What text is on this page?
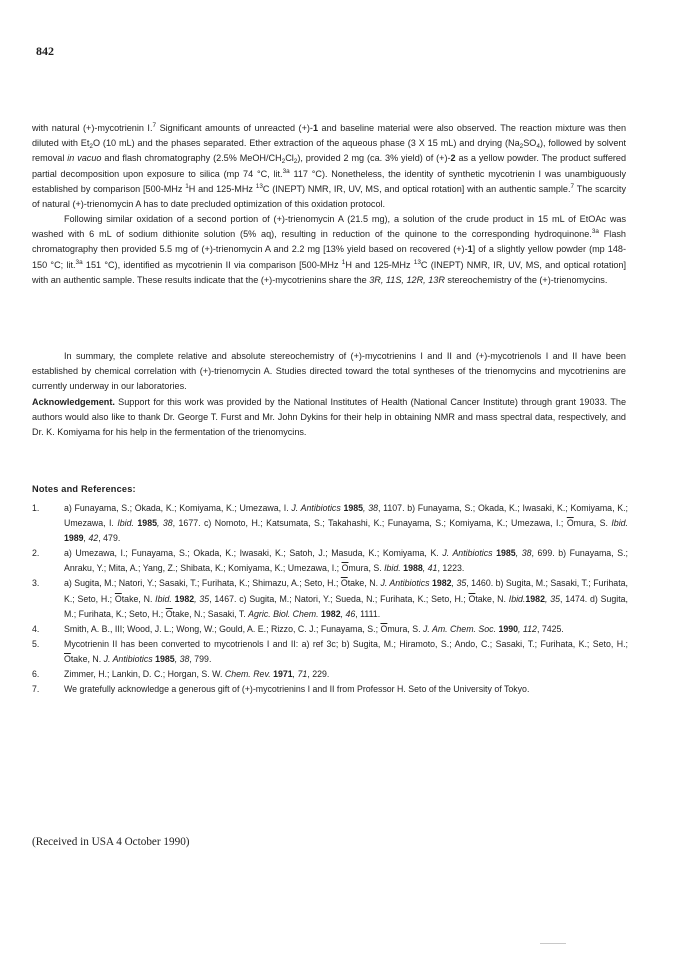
842
with natural (+)-mycotrienin I.$^7$ Significant amounts of unreacted (+)-1 and baseline material were also observed. The reaction mixture was then diluted with $Et_2O$ (10 mL) and the phases separated. Ether extraction of the aqueous phase (3 X 15 mL) and drying $(Na_2SO_4)$, followed by solvent removal in vacuo and flash chromatography (2.5% MeOH/$CH_2Cl_2$), provided 2 mg (ca. 3% yield) of (+)-2 as a yellow powder. The product suffered partial decomposition upon exposure to silica (mp 74 °C, lit.$^{3a}$ 117 °C). Nonetheless, the identity of synthetic mycotrienin I was unambiguously established by comparison [500-MHz $^1$H and 125-MHz $^{13}$C (INEPT) NMR, IR, UV, MS, and optical rotation] with an authentic sample.$^7$ The scarcity of natural (+)-trienomycin A has to date precluded optimization of this oxidation protocol.
Following similar oxidation of a second portion of (+)-trienomycin A (21.5 mg), a solution of the crude product in 15 mL of EtOAc was washed with 6 mL of sodium dithionite solution (5% aq), resulting in reduction of the quinone to the corresponding hydroquinone.$^{3a}$ Flash chromatography then provided 5.5 mg of (+)-trienomycin A and 2.2 mg [13% yield based on recovered (+)-1] of a slightly yellow powder (mp 148-150 °C; lit.$^{3a}$ 151 °C), identified as mycotrienin II via comparison [500-MHz $^1$H and 125-MHz $^{13}$C (INEPT) NMR, IR, UV, MS, and optical rotation] with an authentic sample. These results indicate that the (+)-mycotrienins share the 3R, 11S, 12R, 13R stereochemistry of the (+)-trienomycins.
In summary, the complete relative and absolute stereochemistry of (+)-mycotrienins I and II and (+)-mycotrienols I and II have been established by chemical correlation with (+)-trienomycin A. Studies directed toward the total syntheses of the trienomycins and mycotrienins are currently underway in our laboratories.
Acknowledgement. Support for this work was provided by the National Institutes of Health (National Cancer Institute) through grant 19033. The authors would also like to thank Dr. George T. Furst and Mr. John Dykins for their help in obtaining NMR and mass spectral data, respectively, and Dr. K. Komiyama for his help in the fermentation of the trienomycins.
Notes and References:
1.	a) Funayama, S.; Okada, K.; Komiyama, K.; Umezawa, I. J. Antibiotics 1985, 38, 1107. b) Funayama, S.; Okada, K.; Iwasaki, K.; Komiyama, K.; Umezawa, I. Ibid. 1985, 38, 1677. c) Nomoto, H.; Katsumata, S.; Takahashi, K.; Funayama, S.; Komiyama, K.; Umezawa, I.; $\overline{O}mura$, S. Ibid. 1989, 42, 479.
2.	a) Umezawa, I.; Funayama, S.; Okada, K.; Iwasaki, K.; Satoh, J.; Masuda, K.; Komiyama, K. J. Antibiotics 1985, 38, 699. b) Funayama, S.; Anraku, Y.; Mita, A.; Yang, Z.; Shibata, K.; Komiyama, K.; Umezawa, I.; $\overline{O}mura$, S. Ibid. 1988, 41, 1223.
3.	a) Sugita, M.; Natori, Y.; Sasaki, T.; Furihata, K.; Shimazu, A.; Seto, H.; $\overline{O}take$, N. J. Antibiotics 1982, 35, 1460. b) Sugita, M.; Sasaki, T.; Furihata, K.; Seto, H.; $\overline{O}take$, N. Ibid. 1982, 35, 1467. c) Sugita, M.; Natori, Y.; Sueda, N.; Furihata, K.; Seto, H.; $\overline{O}take$, N. Ibid.1982, 35, 1474. d) Sugita, M.; Furihata, K.; Seto, H.; $\overline{O}take$, N.; Sasaki, T. Agric. Biol. Chem. 1982, 46, 1111.
4.	Smith, A. B., III; Wood, J. L.; Wong, W.; Gould, A. E.; Rizzo, C. J.; Funayama, S.; $\overline{O}mura$, S. J. Am. Chem. Soc. 1990, 112, 7425.
5.	Mycotrienin II has been converted to mycotrienols I and II: a) ref 3c; b) Sugita, M.; Hiramoto, S.; Ando, C.; Sasaki, T.; Furihata, K.; Seto, H.; $\overline{O}take$, N. J. Antibiotics 1985, 38, 799.
6.	Zimmer, H.; Lankin, D. C.; Horgan, S. W. Chem. Rev. 1971, 71, 229.
7.	We gratefully acknowledge a generous gift of (+)-mycotrienins I and II from Professor H. Seto of the University of Tokyo.
(Received in USA 4 October 1990)
